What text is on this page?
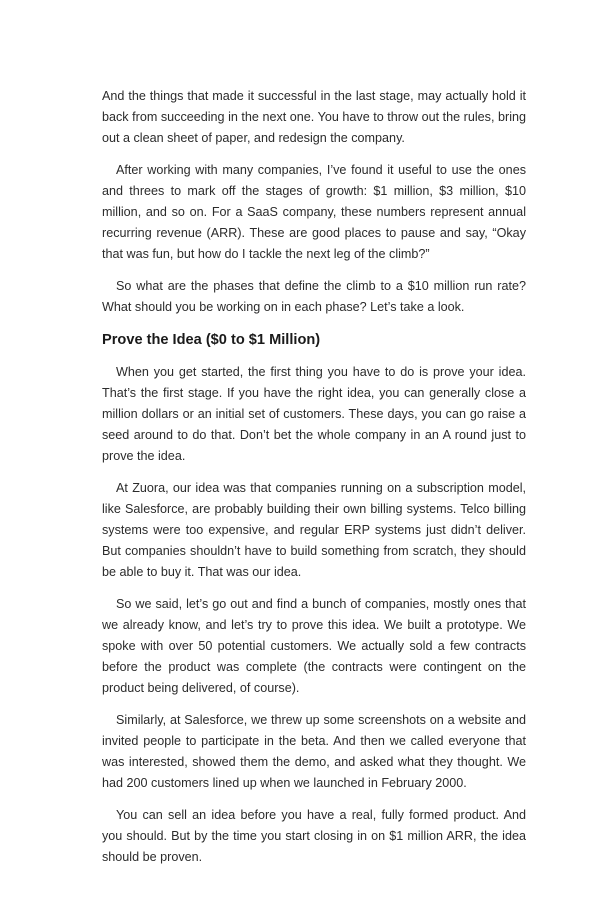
And the things that made it successful in the last stage, may actually hold it back from succeeding in the next one. You have to throw out the rules, bring out a clean sheet of paper, and redesign the company.

After working with many companies, I’ve found it useful to use the ones and threes to mark off the stages of growth: $1 million, $3 million, $10 million, and so on. For a SaaS company, these numbers represent annual recurring revenue (ARR). These are good places to pause and say, “Okay that was fun, but how do I tackle the next leg of the climb?”

So what are the phases that define the climb to a $10 million run rate? What should you be working on in each phase? Let’s take a look.

Prove the Idea ($0 to $1 Million)

When you get started, the first thing you have to do is prove your idea. That’s the first stage. If you have the right idea, you can generally close a million dollars or an initial set of customers. These days, you can go raise a seed around to do that. Don’t bet the whole company in an A round just to prove the idea.

At Zuora, our idea was that companies running on a subscription model, like Salesforce, are probably building their own billing systems. Telco billing systems were too expensive, and regular ERP systems just didn’t deliver. But companies shouldn’t have to build something from scratch, they should be able to buy it. That was our idea.

So we said, let’s go out and find a bunch of companies, mostly ones that we already know, and let’s try to prove this idea. We built a prototype. We spoke with over 50 potential customers. We actually sold a few contracts before the product was complete (the contracts were contingent on the product being delivered, of course).

Similarly, at Salesforce, we threw up some screenshots on a website and invited people to participate in the beta. And then we called everyone that was interested, showed them the demo, and asked what they thought. We had 200 customers lined up when we launched in February 2000.

You can sell an idea before you have a real, fully formed product. And you should. But by the time you start closing in on $1 million ARR, the idea should be proven.
